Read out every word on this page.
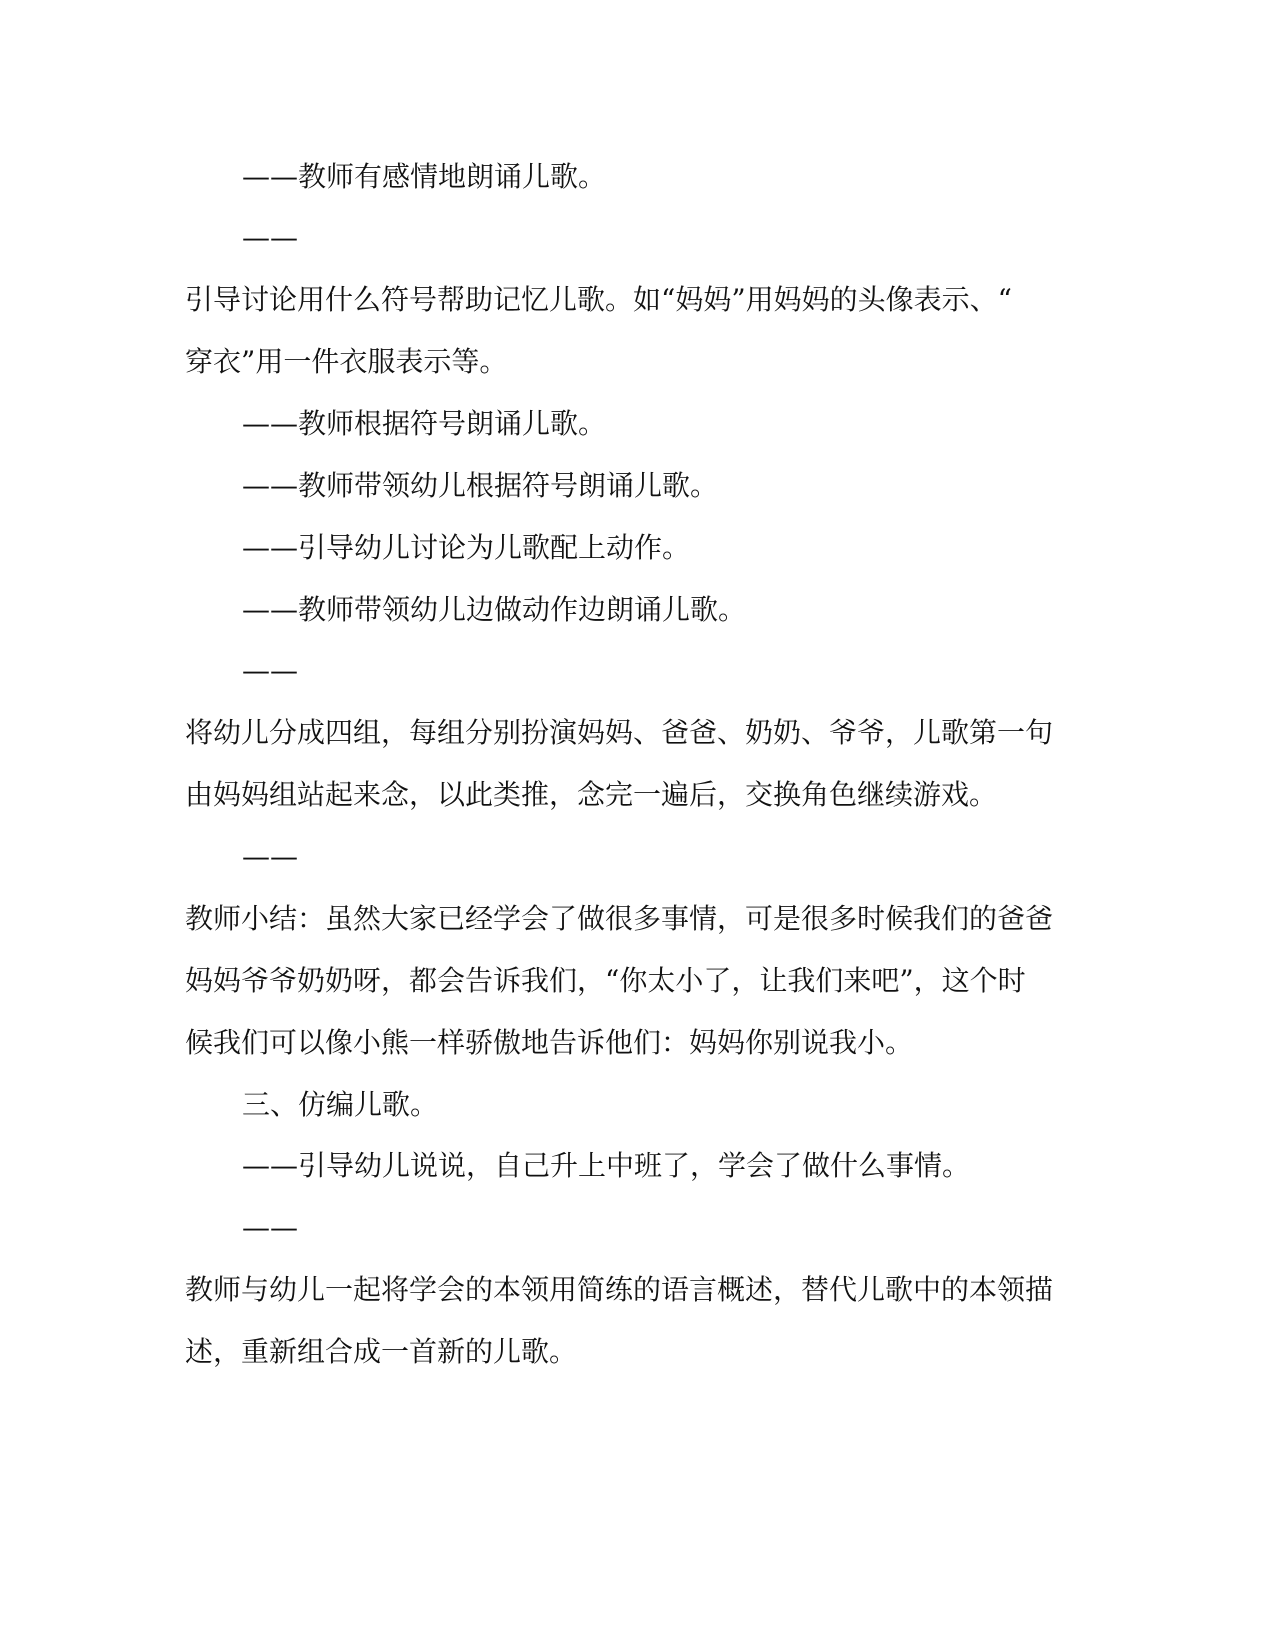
——教师有感情地朗诵儿歌。
——
引导讨论用什么符号帮助记忆儿歌。如“妈妈”用妈妈的头像表示、“
穿衣”用一件衣服表示等。
——教师根据符号朗诵儿歌。
——教师带领幼儿根据符号朗诵儿歌。
——引导幼儿讨论为儿歌配上动作。
——教师带领幼儿边做动作边朗诵儿歌。
——
将幼儿分成四组，每组分别扮演妈妈、爸爸、奶奶、爷爷，儿歌第一句
由妈妈组站起来念，以此类推，念完一遍后，交换角色继续游戏。
——
教师小结：虽然大家已经学会了做很多事情，可是很多时候我们的爸爸
妈妈爷爷奶奶呀，都会告诉我们，“你太小了，让我们来吧”，这个时
候我们可以像小熊一样骄傲地告诉他们：妈妈你别说我小。
三、仿编儿歌。
——引导幼儿说说，自己升上中班了，学会了做什么事情。
——
教师与幼儿一起将学会的本领用简练的语言概述，替代儿歌中的本领描
述，重新组合成一首新的儿歌。
